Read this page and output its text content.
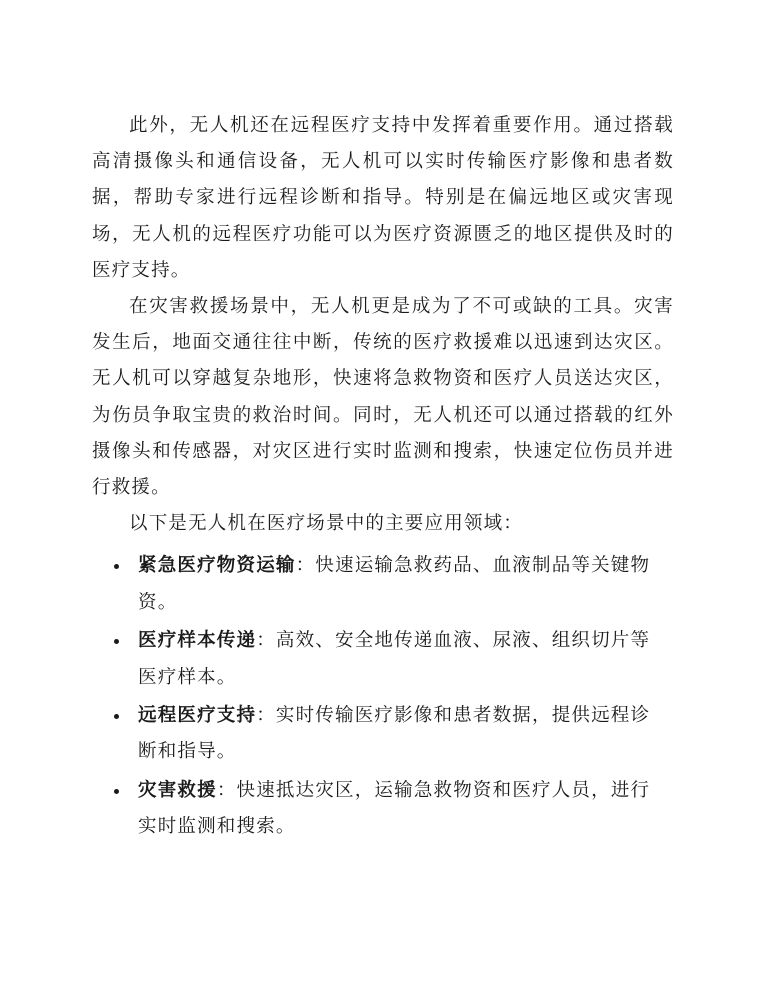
此外，无人机还在远程医疗支持中发挥着重要作用。通过搭载高清摄像头和通信设备，无人机可以实时传输医疗影像和患者数据，帮助专家进行远程诊断和指导。特别是在偏远地区或灾害现场，无人机的远程医疗功能可以为医疗资源匮乏的地区提供及时的医疗支持。

在灾害救援场景中，无人机更是成为了不可或缺的工具。灾害发生后，地面交通往往中断，传统的医疗救援难以迅速到达灾区。无人机可以穿越复杂地形，快速将急救物资和医疗人员送达灾区，为伤员争取宝贵的救治时间。同时，无人机还可以通过搭载的红外摄像头和传感器，对灾区进行实时监测和搜索，快速定位伤员并进行救援。

以下是无人机在医疗场景中的主要应用领域：

紧急医疗物资运输：快速运输急救药品、血液制品等关键物资。
医疗样本传递：高效、安全地传递血液、尿液、组织切片等医疗样本。
远程医疗支持：实时传输医疗影像和患者数据，提供远程诊断和指导。
灾害救援：快速抵达灾区，运输急救物资和医疗人员，进行实时监测和搜索。
